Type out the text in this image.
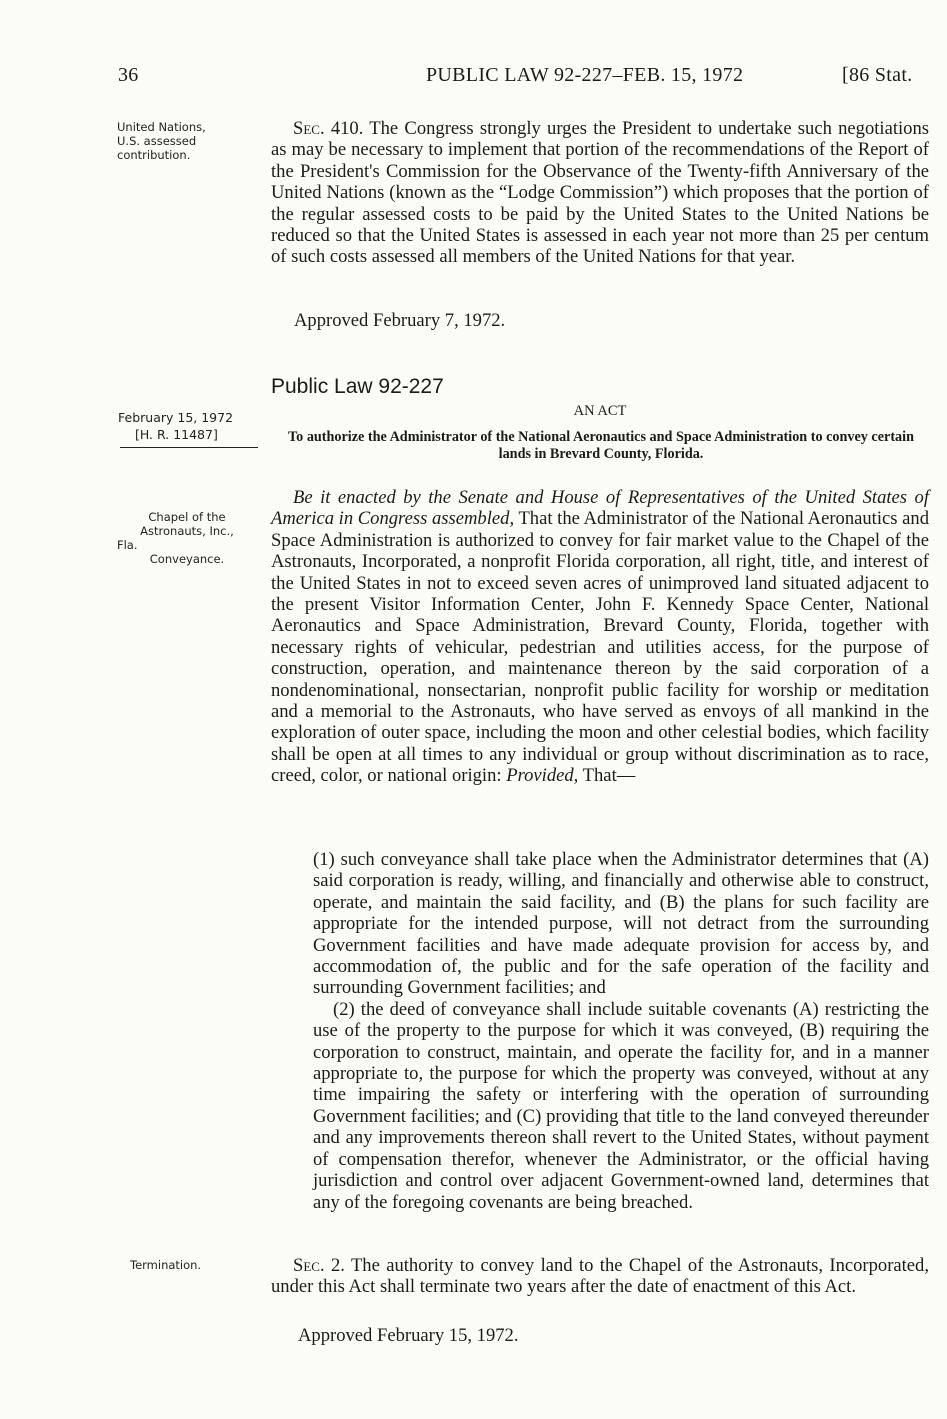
36	PUBLIC LAW 92-227–FEB. 15, 1972	[86 Stat.
United Nations,
U.S. assessed
contribution.

Sec. 410. The Congress strongly urges the President to undertake such negotiations as may be necessary to implement that portion of the recommendations of the Report of the President's Commission for the Observance of the Twenty-fifth Anniversary of the United Nations (known as the “Lodge Commission”) which proposes that the portion of the regular assessed costs to be paid by the United States to the United Nations be reduced so that the United States is assessed in each year not more than 25 per centum of such costs assessed all members of the United Nations for that year.

Approved February 7, 1972.
Public Law 92-227
February 15, 1972
[H. R. 11487]
AN ACT
To authorize the Administrator of the National Aeronautics and Space Administration to convey certain lands in Brevard County, Florida.
Chapel of the
Astronauts, Inc.,
Fla.
Conveyance.

Be it enacted by the Senate and House of Representatives of the United States of America in Congress assembled, That the Administrator of the National Aeronautics and Space Administration is authorized to convey for fair market value to the Chapel of the Astronauts, Incorporated, a nonprofit Florida corporation, all right, title, and interest of the United States in not to exceed seven acres of unimproved land situated adjacent to the present Visitor Information Center, John F. Kennedy Space Center, National Aeronautics and Space Administration, Brevard County, Florida, together with necessary rights of vehicular, pedestrian and utilities access, for the purpose of construction, operation, and maintenance thereon by the said corporation of a nondenominational, nonsectarian, nonprofit public facility for worship or meditation and a memorial to the Astronauts, who have served as envoys of all mankind in the exploration of outer space, including the moon and other celestial bodies, which facility shall be open at all times to any individual or group without discrimination as to race, creed, color, or national origin: Provided, That—

(1) such conveyance shall take place when the Administrator determines that (A) said corporation is ready, willing, and financially and otherwise able to construct, operate, and maintain the said facility, and (B) the plans for such facility are appropriate for the intended purpose, will not detract from the surrounding Government facilities and have made adequate provision for access by, and accommodation of, the public and for the safe operation of the facility and surrounding Government facilities; and

(2) the deed of conveyance shall include suitable covenants (A) restricting the use of the property to the purpose for which it was conveyed, (B) requiring the corporation to construct, maintain, and operate the facility for, and in a manner appropriate to, the purpose for which the property was conveyed, without at any time impairing the safety or interfering with the operation of surrounding Government facilities; and (C) providing that title to the land conveyed thereunder and any improvements thereon shall revert to the United States, without payment of compensation therefor, whenever the Administrator, or the official having jurisdiction and control over adjacent Government-owned land, determines that any of the foregoing covenants are being breached.

Termination.	Sec. 2. The authority to convey land to the Chapel of the Astronauts, Incorporated, under this Act shall terminate two years after the date of enactment of this Act.

Approved February 15, 1972.
